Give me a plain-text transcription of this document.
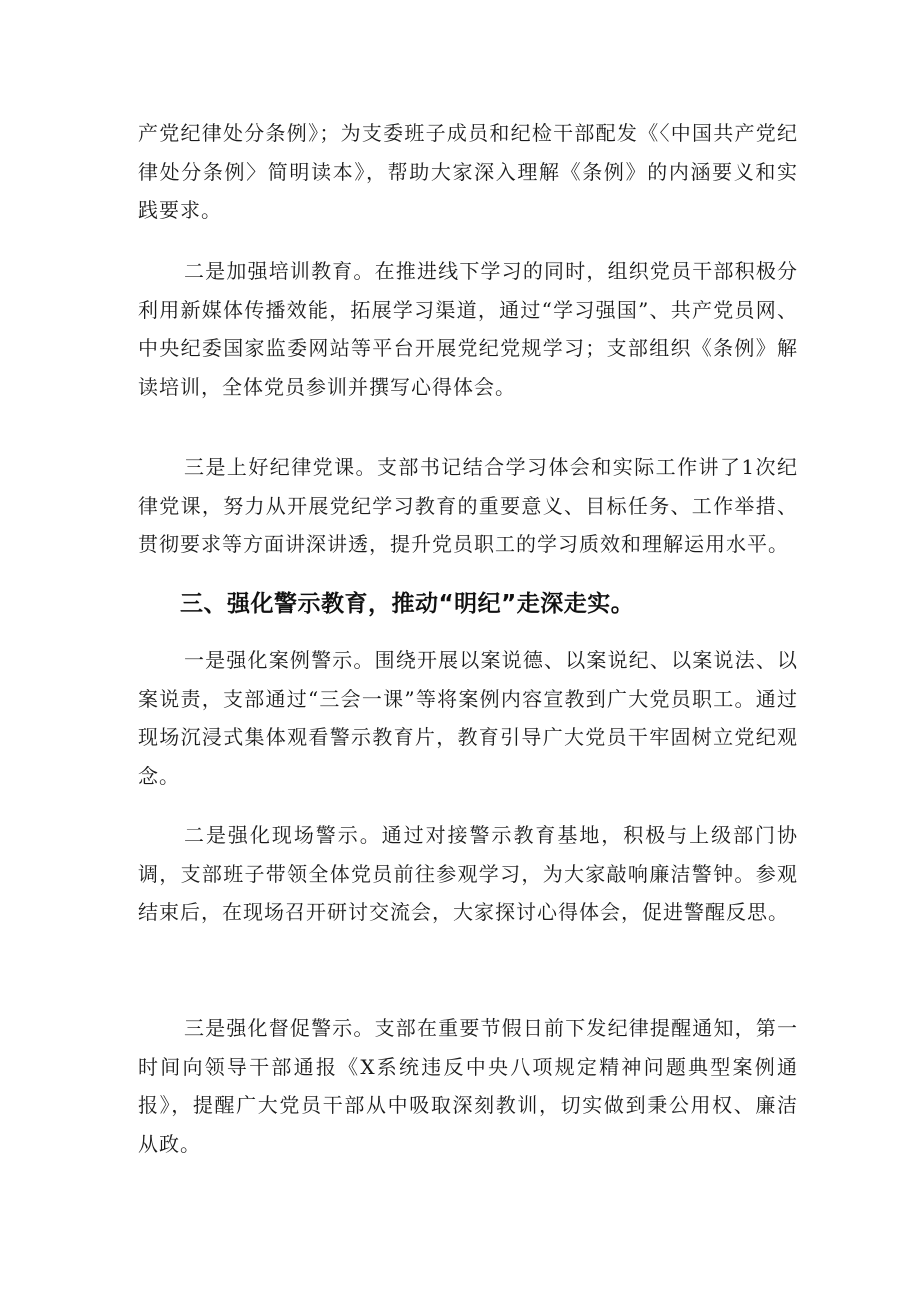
产党纪律处分条例》；为支委班子成员和纪检干部配发《〈中国共产党纪律处分条例〉简明读本》，帮助大家深入理解《条例》的内涵要义和实践要求。

二是加强培训教育。在推进线下学习的同时，组织党员干部积极分利用新媒体传播效能，拓展学习渠道，通过“学习强国”、共产党员网、中央纪委国家监委网站等平台开展党纪党规学习；支部组织《条例》解读培训，全体党员参训并撰写心得体会。

三是上好纪律党课。支部书记结合学习体会和实际工作讲了1次纪律党课，努力从开展党纪学习教育的重要意义、目标任务、工作举措、贯彻要求等方面讲深讲透，提升党员职工的学习质效和理解运用水平。

三、强化警示教育，推动“明纪”走深走实。

一是强化案例警示。围绕开展以案说德、以案说纪、以案说法、以案说责，支部通过“三会一课”等将案例内容宣教到广大党员职工。通过现场沉浸式集体观看警示教育片，教育引导广大党员干牢固树立党纪观念。

二是强化现场警示。通过对接警示教育基地，积极与上级部门协调，支部班子带领全体党员前往参观学习，为大家敲响廉洁警钟。参观结束后，在现场召开研讨交流会，大家探讨心得体会，促进警醒反思。

三是强化督促警示。支部在重要节假日前下发纪律提醒通知，第一时间向领导干部通报《X系统违反中央八项规定精神问题典型案例通报》，提醒广大党员干部从中吸取深刻教训，切实做到秉公用权、廉洁从政。
